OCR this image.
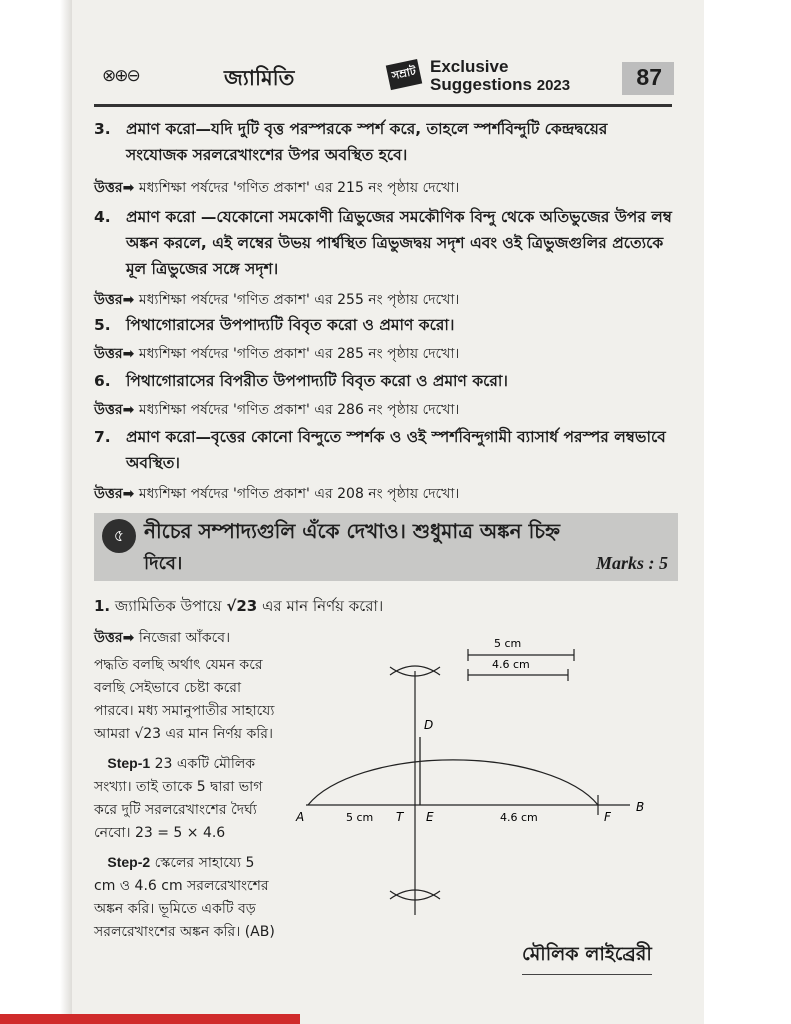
⊗⊕⊖	জ্যামিতি	সম্রাট Exclusive
Suggestions 2023	87
3. প্রমাণ করো—যদি দুটি বৃত্ত পরস্পরকে স্পর্শ করে, তাহলে স্পর্শবিন্দুটি কেন্দ্রদ্বয়ের সংযোজক সরলরেখাংশের উপর অবস্থিত হবে।
উত্তর➡ মধ্যশিক্ষা পর্ষদের 'গণিত প্রকাশ' এর 215 নং পৃষ্ঠায় দেখো।
4. প্রমাণ করো —যেকোনো সমকোণী ত্রিভুজের সমকৌণিক বিন্দু থেকে অতিভুজের উপর লম্ব অঙ্কন করলে, এই লম্বের উভয় পার্শ্বস্থিত ত্রিভুজদ্বয় সদৃশ এবং ওই ত্রিভুজগুলির প্রত্যেকে মূল ত্রিভুজের সঙ্গে সদৃশ।
উত্তর➡ মধ্যশিক্ষা পর্ষদের 'গণিত প্রকাশ' এর 255 নং পৃষ্ঠায় দেখো।
5. পিথাগোরাসের উপপাদ্যটি বিবৃত করো ও প্রমাণ করো।
উত্তর➡ মধ্যশিক্ষা পর্ষদের 'গণিত প্রকাশ' এর 285 নং পৃষ্ঠায় দেখো।
6. পিথাগোরাসের বিপরীত উপপাদ্যটি বিবৃত করো ও প্রমাণ করো।
উত্তর➡ মধ্যশিক্ষা পর্ষদের 'গণিত প্রকাশ' এর 286 নং পৃষ্ঠায় দেখো।
7. প্রমাণ করো—বৃত্তের কোনো বিন্দুতে স্পর্শক ও ওই স্পর্শবিন্দুগামী ব্যাসার্ধ পরস্পর লম্বভাবে অবস্থিত।
উত্তর➡ মধ্যশিক্ষা পর্ষদের 'গণিত প্রকাশ' এর 208 নং পৃষ্ঠায় দেখো।
৫ নীচের সম্পাদ্যগুলি এঁকে দেখাও। শুধুমাত্র অঙ্কন চিহ্ন
দিবে।	Marks : 5
1. জ্যামিতিক উপায়ে √23 এর মান নির্ণয় করো।
উত্তর➡ নিজেরা আঁকবে।
পদ্ধতি বলছি অর্থাৎ যেমন করে
বলছি সেইভাবে চেষ্টা করো
পারবে। মধ্য সমানুপাতীর সাহায্যে
আমরা √23 এর মান নির্ণয় করি।
Step-1 23 একটি মৌলিক
সংখ্যা। তাই তাকে 5 দ্বারা ভাগ
করে দুটি সরলরেখাংশের দৈর্ঘ্য
নেবো। 23 = 5 × 4.6
Step-2 স্কেলের সাহায্যে 5
cm ও 4.6 cm সরলরেখাংশের
অঙ্কন করি। ভূমিতে একটি বড়
সরলরেখাংশের অঙ্কন করি। (AB)
5 cm
4.6 cm
D
A	5 cm T E	4.6 cm	F
B
মৌলিক লাইব্রেরী
